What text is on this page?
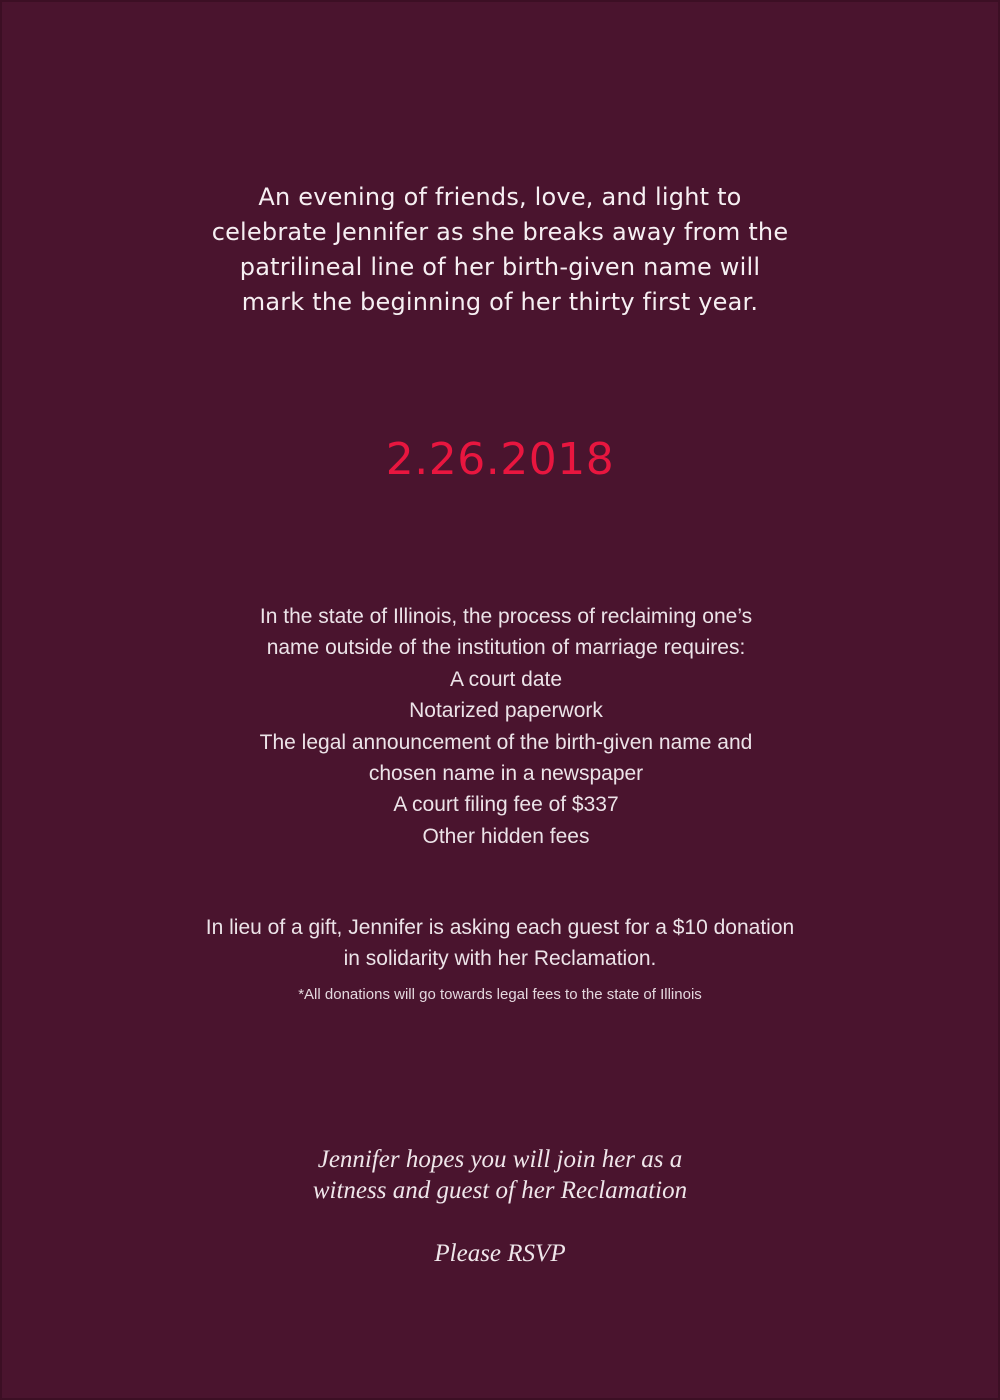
An evening of friends, love, and light to
celebrate Jennifer as she breaks away from the
patrilineal line of her birth-given name will
mark the beginning of her thirty first year.
2.26.2018
In the state of Illinois, the process of reclaiming one’s
name outside of the institution of marriage requires:
A court date
Notarized paperwork
The legal announcement of the birth-given name and
chosen name in a newspaper
A court filing fee of $337
Other hidden fees
In lieu of a gift, Jennifer is asking each guest for a $10 donation
in solidarity with her Reclamation.
*All donations will go towards legal fees to the state of Illinois
Jennifer hopes you will join her as a
witness and guest of her Reclamation
Please RSVP
